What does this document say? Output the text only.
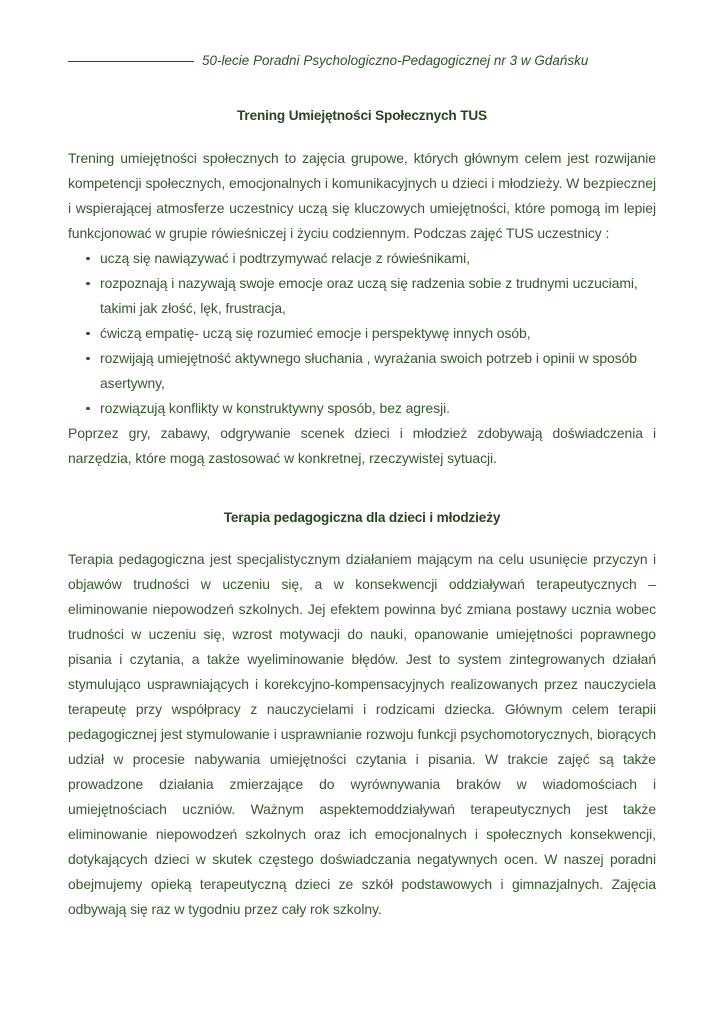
50-lecie Poradni Psychologiczno-Pedagogicznej nr 3 w Gdańsku
Trening Umiejętności Społecznych TUS

Trening umiejętności społecznych to zajęcia grupowe, których głównym celem jest rozwijanie kompetencji społecznych, emocjonalnych i komunikacyjnych u dzieci i młodzieży. W bezpiecznej i wspierającej atmosferze uczestnicy uczą się kluczowych umiejętności, które pomogą im lepiej funkcjonować w grupie rówieśniczej i życiu codziennym. Podczas zajęć TUS uczestnicy :

uczą się nawiązywać i podtrzymywać relacje z rówieśnikami,
rozpoznają i nazywają swoje emocje oraz uczą się radzenia sobie z trudnymi uczuciami, takimi jak złość, lęk, frustracja,
ćwiczą empatię- uczą się rozumieć emocje i perspektywę innych osób,
rozwijają umiejętność aktywnego słuchania , wyrażania swoich potrzeb i opinii w sposób asertywny,
rozwiązują konflikty w konstruktywny sposób, bez agresji.

Poprzez gry, zabawy, odgrywanie scenek dzieci i młodzież zdobywają doświadczenia i narzędzia, które mogą zastosować w konkretnej, rzeczywistej sytuacji.

Terapia pedagogiczna dla dzieci i młodzieży

Terapia pedagogiczna jest specjalistycznym działaniem mającym na celu usunięcie przyczyn i objawów trudności w uczeniu się, a w konsekwencji oddziaływań terapeutycznych – eliminowanie niepowodzeń szkolnych. Jej efektem powinna być zmiana postawy ucznia wobec trudności w uczeniu się, wzrost motywacji do nauki, opanowanie umiejętności poprawnego pisania i czytania, a także wyeliminowanie błędów. Jest to system zintegrowanych działań stymulująco usprawniających i korekcyjno-kompensacyjnych realizowanych przez nauczyciela terapeutę przy współpracy z nauczycielami i rodzicami dziecka. Głównym celem terapii pedagogicznej jest stymulowanie i usprawnianie rozwoju funkcji psychomotorycznych, biorących udział w procesie nabywania umiejętności czytania i pisania. W trakcie zajęć są także prowadzone działania zmierzające do wyrównywania braków w wiadomościach i umiejętnościach uczniów. Ważnym aspektemoddziaływań terapeutycznych jest także eliminowanie niepowodzeń szkolnych oraz ich emocjonalnych i społecznych konsekwencji, dotykających dzieci w skutek częstego doświadczania negatywnych ocen. W naszej poradni obejmujemy opieką terapeutyczną dzieci ze szkół podstawowych i gimnazjalnych. Zajęcia odbywają się raz w tygodniu przez cały rok szkolny.
